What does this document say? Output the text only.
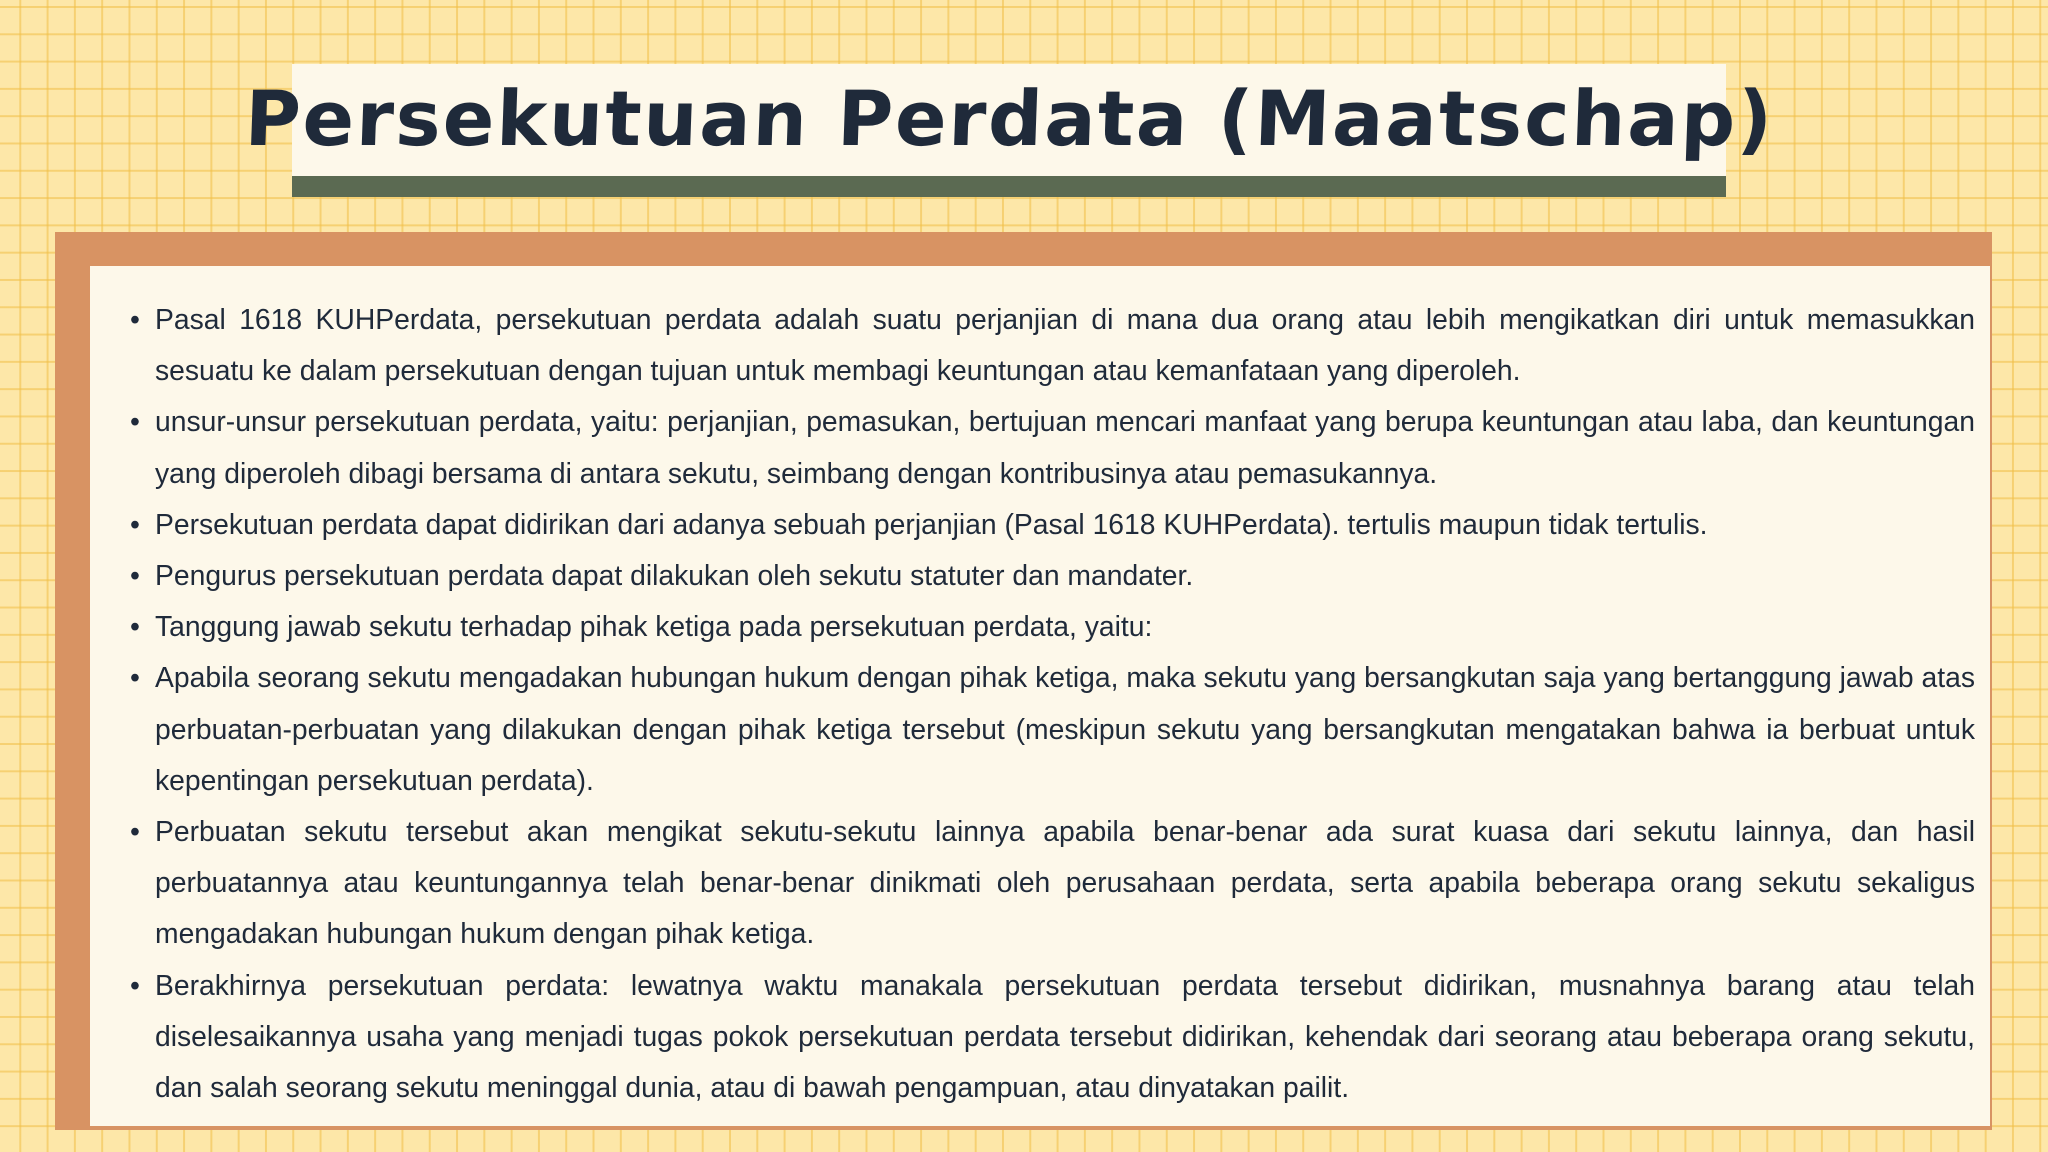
Persekutuan Perdata (Maatschap)
• Pasal 1618 KUHPerdata, persekutuan perdata adalah suatu perjanjian di mana dua orang atau lebih mengikatkan diri untuk memasukkan sesuatu ke dalam persekutuan dengan tujuan untuk membagi keuntungan atau kemanfataan yang diperoleh.
• unsur-unsur persekutuan perdata, yaitu: perjanjian, pemasukan, bertujuan mencari manfaat yang berupa keuntungan atau laba, dan keuntungan yang diperoleh dibagi bersama di antara sekutu, seimbang dengan kontribusinya atau pemasukannya.
• Persekutuan perdata dapat didirikan dari adanya sebuah perjanjian (Pasal 1618 KUHPerdata). tertulis maupun tidak tertulis.
• Pengurus persekutuan perdata dapat dilakukan oleh sekutu statuter dan mandater.
• Tanggung jawab sekutu terhadap pihak ketiga pada persekutuan perdata, yaitu:
• Apabila seorang sekutu mengadakan hubungan hukum dengan pihak ketiga, maka sekutu yang bersangkutan saja yang bertanggung jawab atas perbuatan-perbuatan yang dilakukan dengan pihak ketiga tersebut (meskipun sekutu yang bersangkutan mengatakan bahwa ia berbuat untuk kepentingan persekutuan perdata).
• Perbuatan sekutu tersebut akan mengikat sekutu-sekutu lainnya apabila benar-benar ada surat kuasa dari sekutu lainnya, dan hasil perbuatannya atau keuntungannya telah benar-benar dinikmati oleh perusahaan perdata, serta apabila beberapa orang sekutu sekaligus mengadakan hubungan hukum dengan pihak ketiga.
• Berakhirnya persekutuan perdata: lewatnya waktu manakala persekutuan perdata tersebut didirikan, musnahnya barang atau telah diselesaikannya usaha yang menjadi tugas pokok persekutuan perdata tersebut didirikan, kehendak dari seorang atau beberapa orang sekutu, dan salah seorang sekutu meninggal dunia, atau di bawah pengampuan, atau dinyatakan pailit.
